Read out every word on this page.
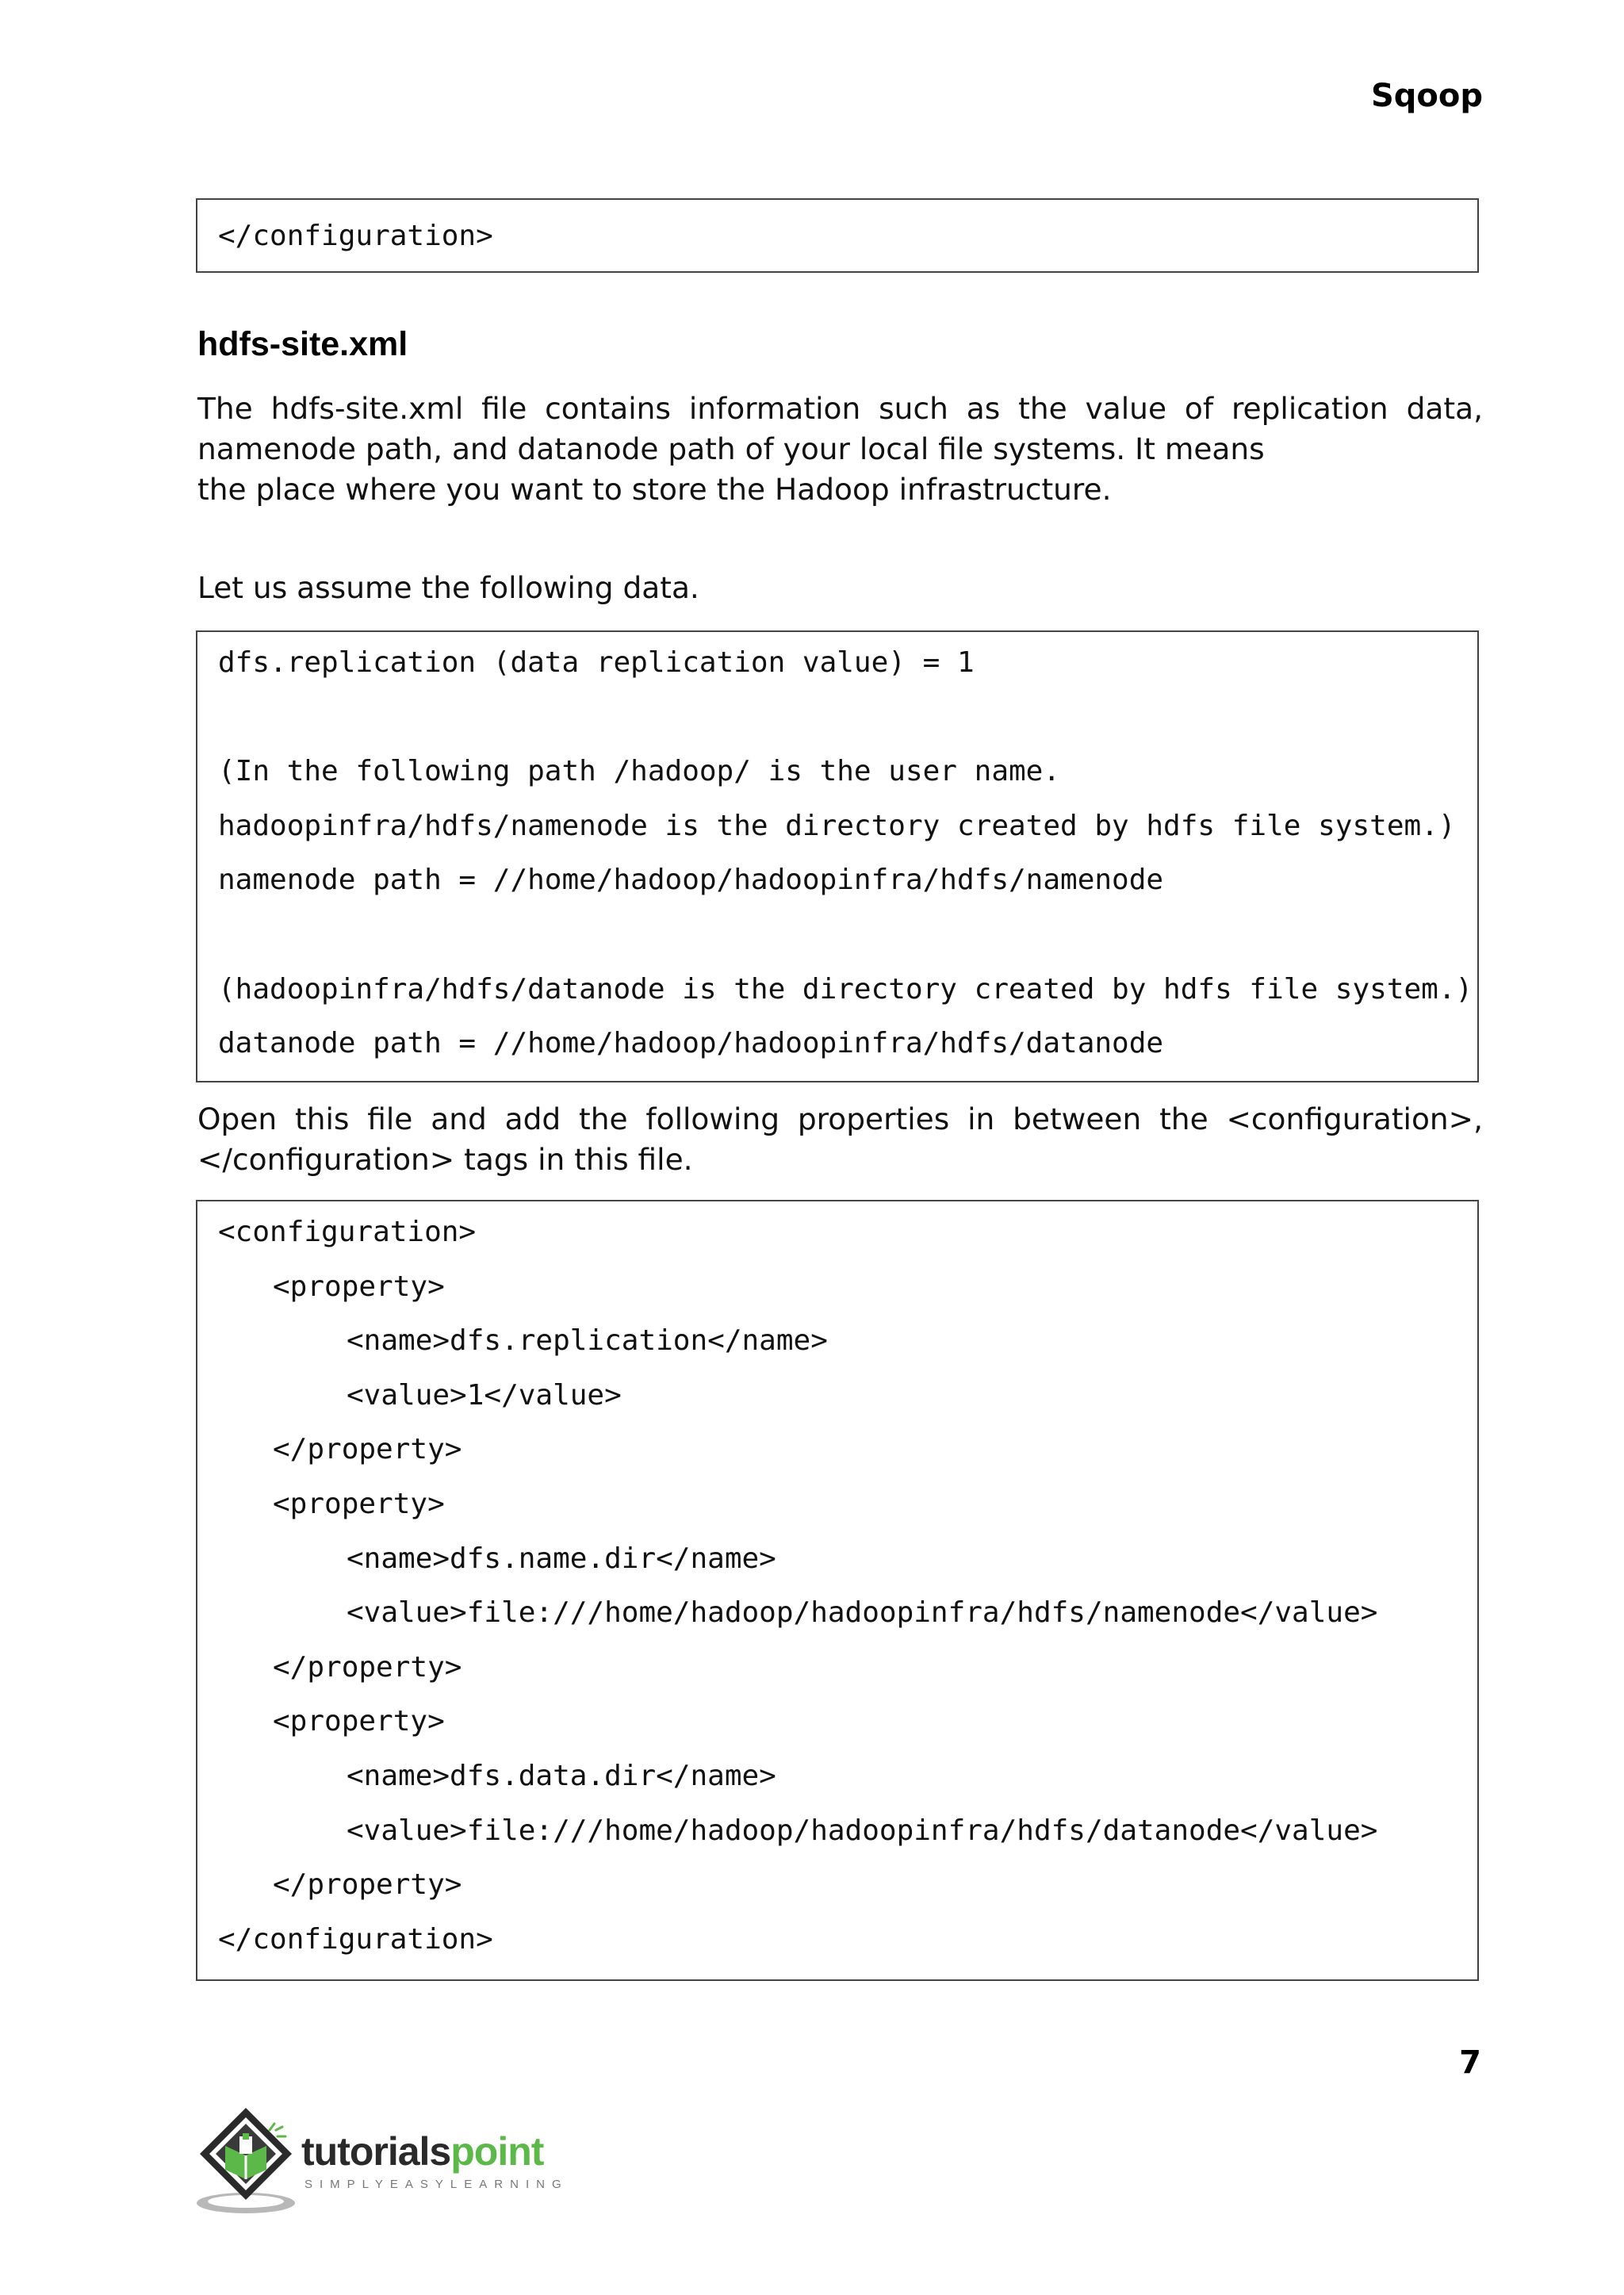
Sqoop
</configuration>
hdfs-site.xml
The hdfs-site.xml file contains information such as the value of replication data,
namenode path, and datanode path of your local file systems. It means
the place where you want to store the Hadoop infrastructure.
Let us assume the following data.
dfs.replication (data replication value) = 1
(In the following path /hadoop/ is the user name.
hadoopinfra/hdfs/namenode is the directory created by hdfs file system.)
namenode path = //home/hadoop/hadoopinfra/hdfs/namenode
(hadoopinfra/hdfs/datanode is the directory created by hdfs file system.)
datanode path = //home/hadoop/hadoopinfra/hdfs/datanode
Open this file and add the following properties in between the <configuration>,
</configuration> tags in this file.
<configuration>
<property>
<name>dfs.replication</name>
<value>1</value>
</property>
<property>
<name>dfs.name.dir</name>
<value>file:///home/hadoop/hadoopinfra/hdfs/namenode</value>
</property>
<property>
<name>dfs.data.dir</name>
<value>file:///home/hadoop/hadoopinfra/hdfs/datanode</value>
</property>
</configuration>
7
tutorialspoint
SIMPLYEASYLEARNING
